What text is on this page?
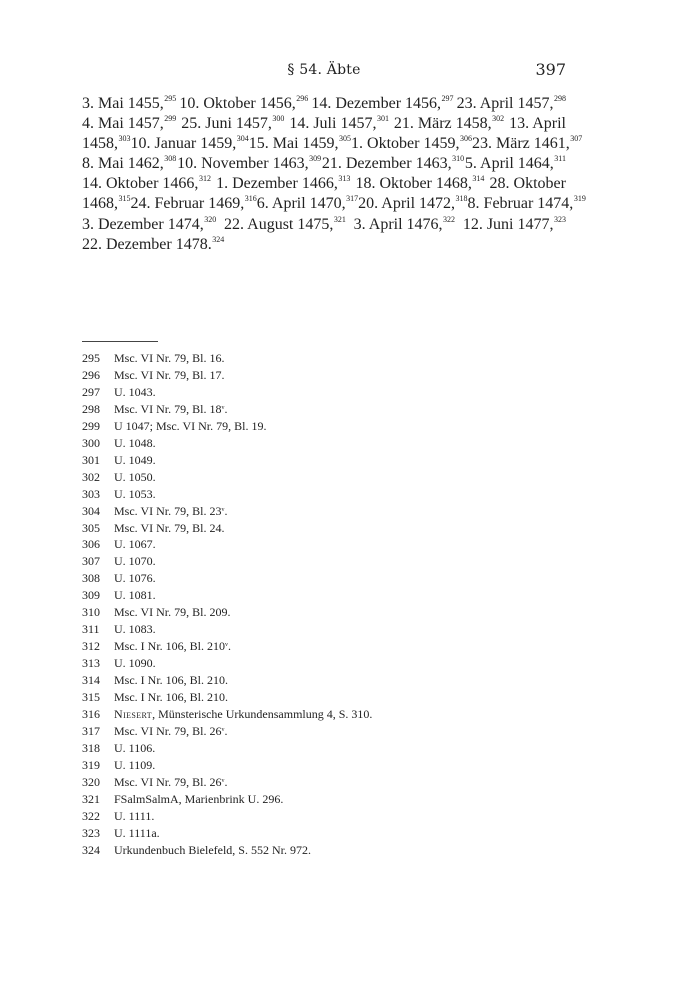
§ 54. Äbte	397
3. Mai 1455,$^{295}$ 10. Oktober 1456,$^{296}$ 14. Dezember 1456,$^{297}$ 23. April 1457,$^{298}$
4. Mai 1457,$^{299}$ 25. Juni 1457,$^{300}$ 14. Juli 1457,$^{301}$ 21. März 1458,$^{302}$ 13. April
1458,$^{303}$ 10. Januar 1459,$^{304}$ 15. Mai 1459,$^{305}$ 1. Oktober 1459,$^{306}$ 23. März 1461,$^{307}$
8. Mai 1462,$^{308}$ 10. November 1463,$^{309}$ 21. Dezember 1463,$^{310}$ 5. April 1464,$^{311}$
14. Oktober 1466,$^{312}$ 1. Dezember 1466,$^{313}$ 18. Oktober 1468,$^{314}$ 28. Oktober
1468,$^{315}$ 24. Februar 1469,$^{316}$ 6. April 1470,$^{317}$ 20. April 1472,$^{318}$ 8. Februar 1474,$^{319}$
3. Dezember 1474,$^{320}$ 22. August 1475,$^{321}$ 3. April 1476,$^{322}$ 12. Juni 1477,$^{323}$
22. Dezember 1478.$^{324}$
295	Msc. VI Nr. 79, Bl. 16.
296	Msc. VI Nr. 79, Bl. 17.
297	U. 1043.
298	Msc. VI Nr. 79, Bl. 18$^v$.
299	U 1047; Msc. VI Nr. 79, Bl. 19.
300	U. 1048.
301	U. 1049.
302	U. 1050.
303	U. 1053.
304	Msc. VI Nr. 79, Bl. 23$^v$.
305	Msc. VI Nr. 79, Bl. 24.
306	U. 1067.
307	U. 1070.
308	U. 1076.
309	U. 1081.
310	Msc. VI Nr. 79, Bl. 209.
311	U. 1083.
312	Msc. I Nr. 106, Bl. 210$^v$.
313	U. 1090.
314	Msc. I Nr. 106, Bl. 210.
315	Msc. I Nr. 106, Bl. 210.
316	Niesert, Münsterische Urkundensammlung 4, S. 310.
317	Msc. VI Nr. 79, Bl. 26$^v$.
318	U. 1106.
319	U. 1109.
320	Msc. VI Nr. 79, Bl. 26$^v$.
321	FSalmSalmA, Marienbrink U. 296.
322	U. 1111.
323	U. 1111a.
324	Urkundenbuch Bielefeld, S. 552 Nr. 972.
